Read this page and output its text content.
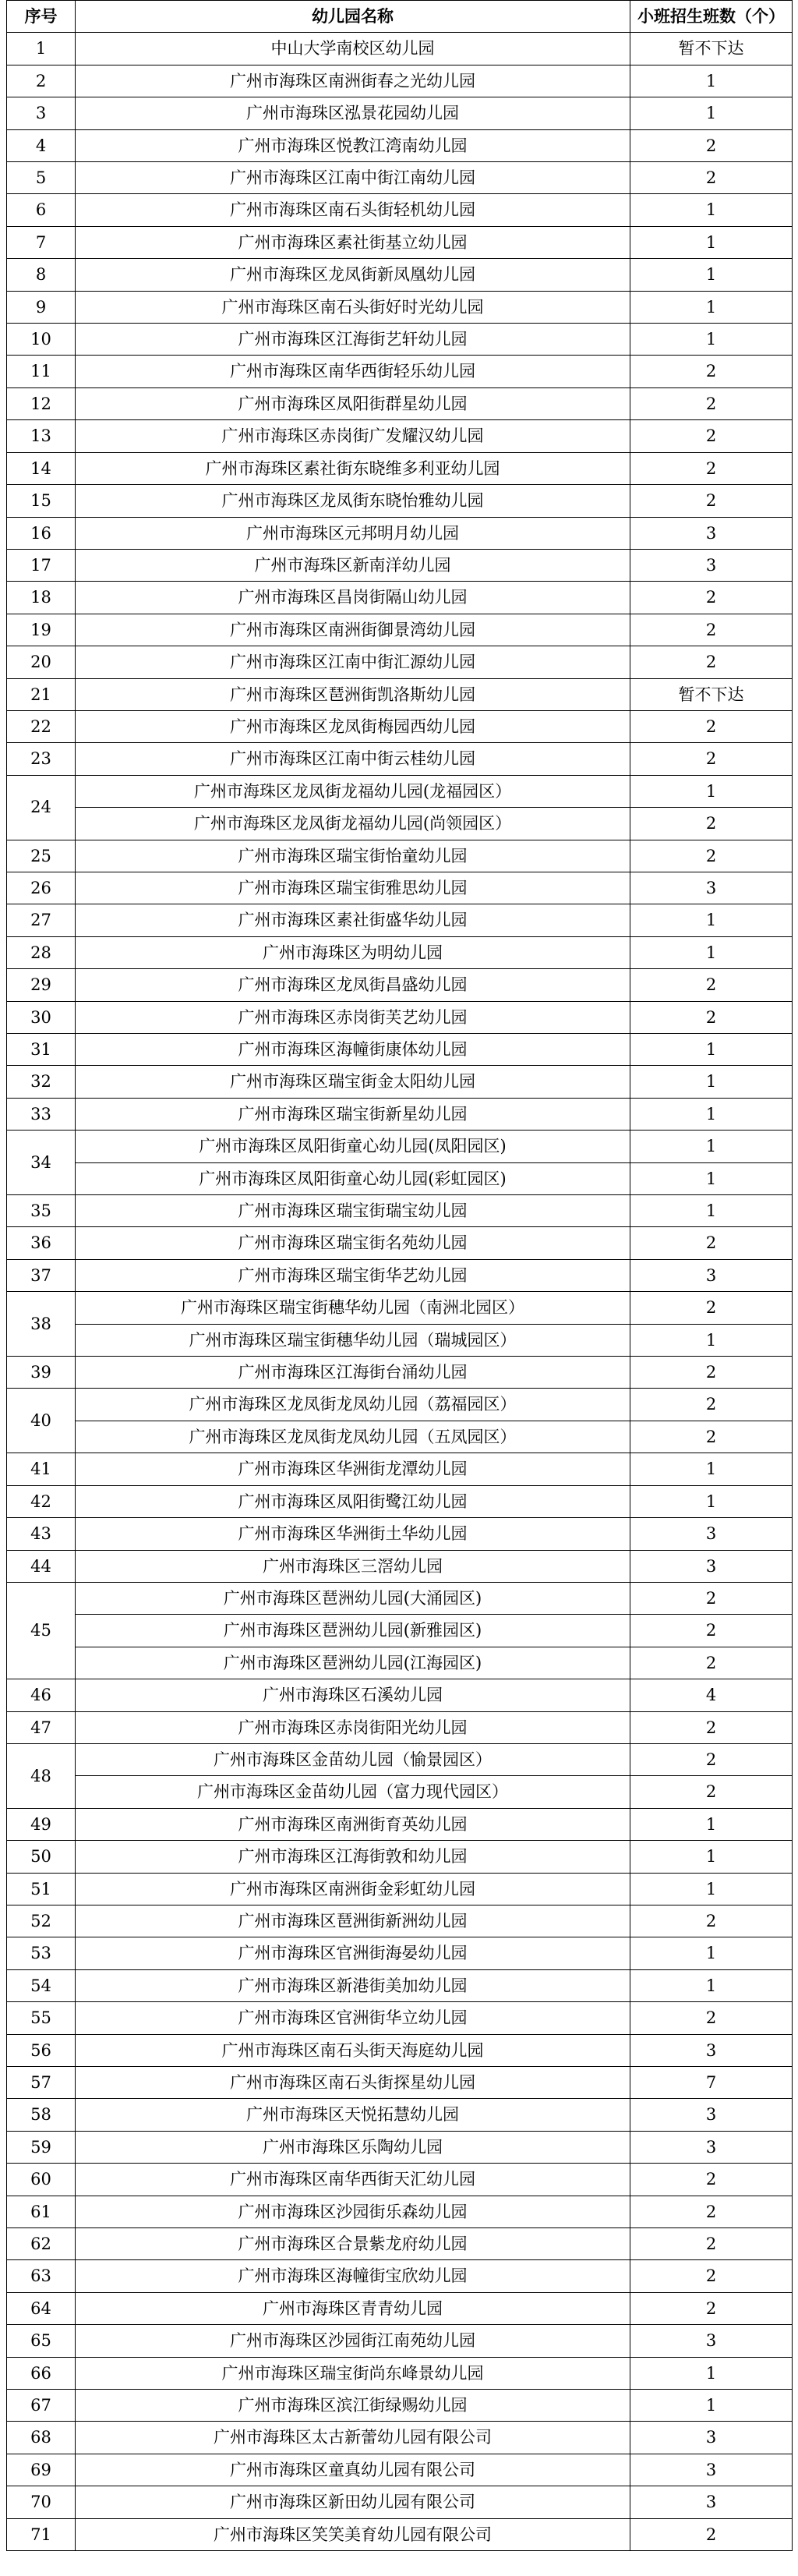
序号	幼儿园名称	小班招生班数（个）
1	中山大学南校区幼儿园	暂不下达
2	广州市海珠区南洲街春之光幼儿园	1
3	广州市海珠区泓景花园幼儿园	1
4	广州市海珠区悦教江湾南幼儿园	2
5	广州市海珠区江南中街江南幼儿园	2
6	广州市海珠区南石头街轻机幼儿园	1
7	广州市海珠区素社街基立幼儿园	1
8	广州市海珠区龙凤街新凤凰幼儿园	1
9	广州市海珠区南石头街好时光幼儿园	1
10	广州市海珠区江海街艺轩幼儿园	1
11	广州市海珠区南华西街轻乐幼儿园	2
12	广州市海珠区凤阳街群星幼儿园	2
13	广州市海珠区赤岗街广发耀汉幼儿园	2
14	广州市海珠区素社街东晓维多利亚幼儿园	2
15	广州市海珠区龙凤街东晓怡雅幼儿园	2
16	广州市海珠区元邦明月幼儿园	3
17	广州市海珠区新南洋幼儿园	3
18	广州市海珠区昌岗街隔山幼儿园	2
19	广州市海珠区南洲街御景湾幼儿园	2
20	广州市海珠区江南中街汇源幼儿园	2
21	广州市海珠区琶洲街凯洛斯幼儿园	暂不下达
22	广州市海珠区龙凤街梅园西幼儿园	2
23	广州市海珠区江南中街云桂幼儿园	2
24	广州市海珠区龙凤街龙福幼儿园(龙福园区）	1
	广州市海珠区龙凤街龙福幼儿园(尚领园区）	2
25	广州市海珠区瑞宝街怡童幼儿园	2
26	广州市海珠区瑞宝街雅思幼儿园	3
27	广州市海珠区素社街盛华幼儿园	1
28	广州市海珠区为明幼儿园	1
29	广州市海珠区龙凤街昌盛幼儿园	2
30	广州市海珠区赤岗街芙艺幼儿园	2
31	广州市海珠区海幢街康体幼儿园	1
32	广州市海珠区瑞宝街金太阳幼儿园	1
33	广州市海珠区瑞宝街新星幼儿园	1
34	广州市海珠区凤阳街童心幼儿园(凤阳园区)	1
	广州市海珠区凤阳街童心幼儿园(彩虹园区)	1
35	广州市海珠区瑞宝街瑞宝幼儿园	1
36	广州市海珠区瑞宝街名苑幼儿园	2
37	广州市海珠区瑞宝街华艺幼儿园	3
38	广州市海珠区瑞宝街穗华幼儿园（南洲北园区）	2
	广州市海珠区瑞宝街穗华幼儿园（瑞城园区）	1
39	广州市海珠区江海街台涌幼儿园	2
40	广州市海珠区龙凤街龙凤幼儿园（荔福园区）	2
	广州市海珠区龙凤街龙凤幼儿园（五凤园区）	2
41	广州市海珠区华洲街龙潭幼儿园	1
42	广州市海珠区凤阳街鹭江幼儿园	1
43	广州市海珠区华洲街土华幼儿园	3
44	广州市海珠区三滘幼儿园	3
45	广州市海珠区琶洲幼儿园(大涌园区)	2
	广州市海珠区琶洲幼儿园(新雅园区)	2
	广州市海珠区琶洲幼儿园(江海园区)	2
46	广州市海珠区石溪幼儿园	4
47	广州市海珠区赤岗街阳光幼儿园	2
48	广州市海珠区金苗幼儿园（愉景园区）	2
	广州市海珠区金苗幼儿园（富力现代园区）	2
49	广州市海珠区南洲街育英幼儿园	1
50	广州市海珠区江海街敦和幼儿园	1
51	广州市海珠区南洲街金彩虹幼儿园	1
52	广州市海珠区琶洲街新洲幼儿园	2
53	广州市海珠区官洲街海晏幼儿园	1
54	广州市海珠区新港街美加幼儿园	1
55	广州市海珠区官洲街华立幼儿园	2
56	广州市海珠区南石头街天海庭幼儿园	3
57	广州市海珠区南石头街探星幼儿园	7
58	广州市海珠区天悦拓慧幼儿园	3
59	广州市海珠区乐陶幼儿园	3
60	广州市海珠区南华西街天汇幼儿园	2
61	广州市海珠区沙园街乐森幼儿园	2
62	广州市海珠区合景紫龙府幼儿园	2
63	广州市海珠区海幢街宝欣幼儿园	2
64	广州市海珠区青青幼儿园	2
65	广州市海珠区沙园街江南苑幼儿园	3
66	广州市海珠区瑞宝街尚东峰景幼儿园	1
67	广州市海珠区滨江街绿赐幼儿园	1
68	广州市海珠区太古新蕾幼儿园有限公司	3
69	广州市海珠区童真幼儿园有限公司	3
70	广州市海珠区新田幼儿园有限公司	3
71	广州市海珠区笑笑美育幼儿园有限公司	2
